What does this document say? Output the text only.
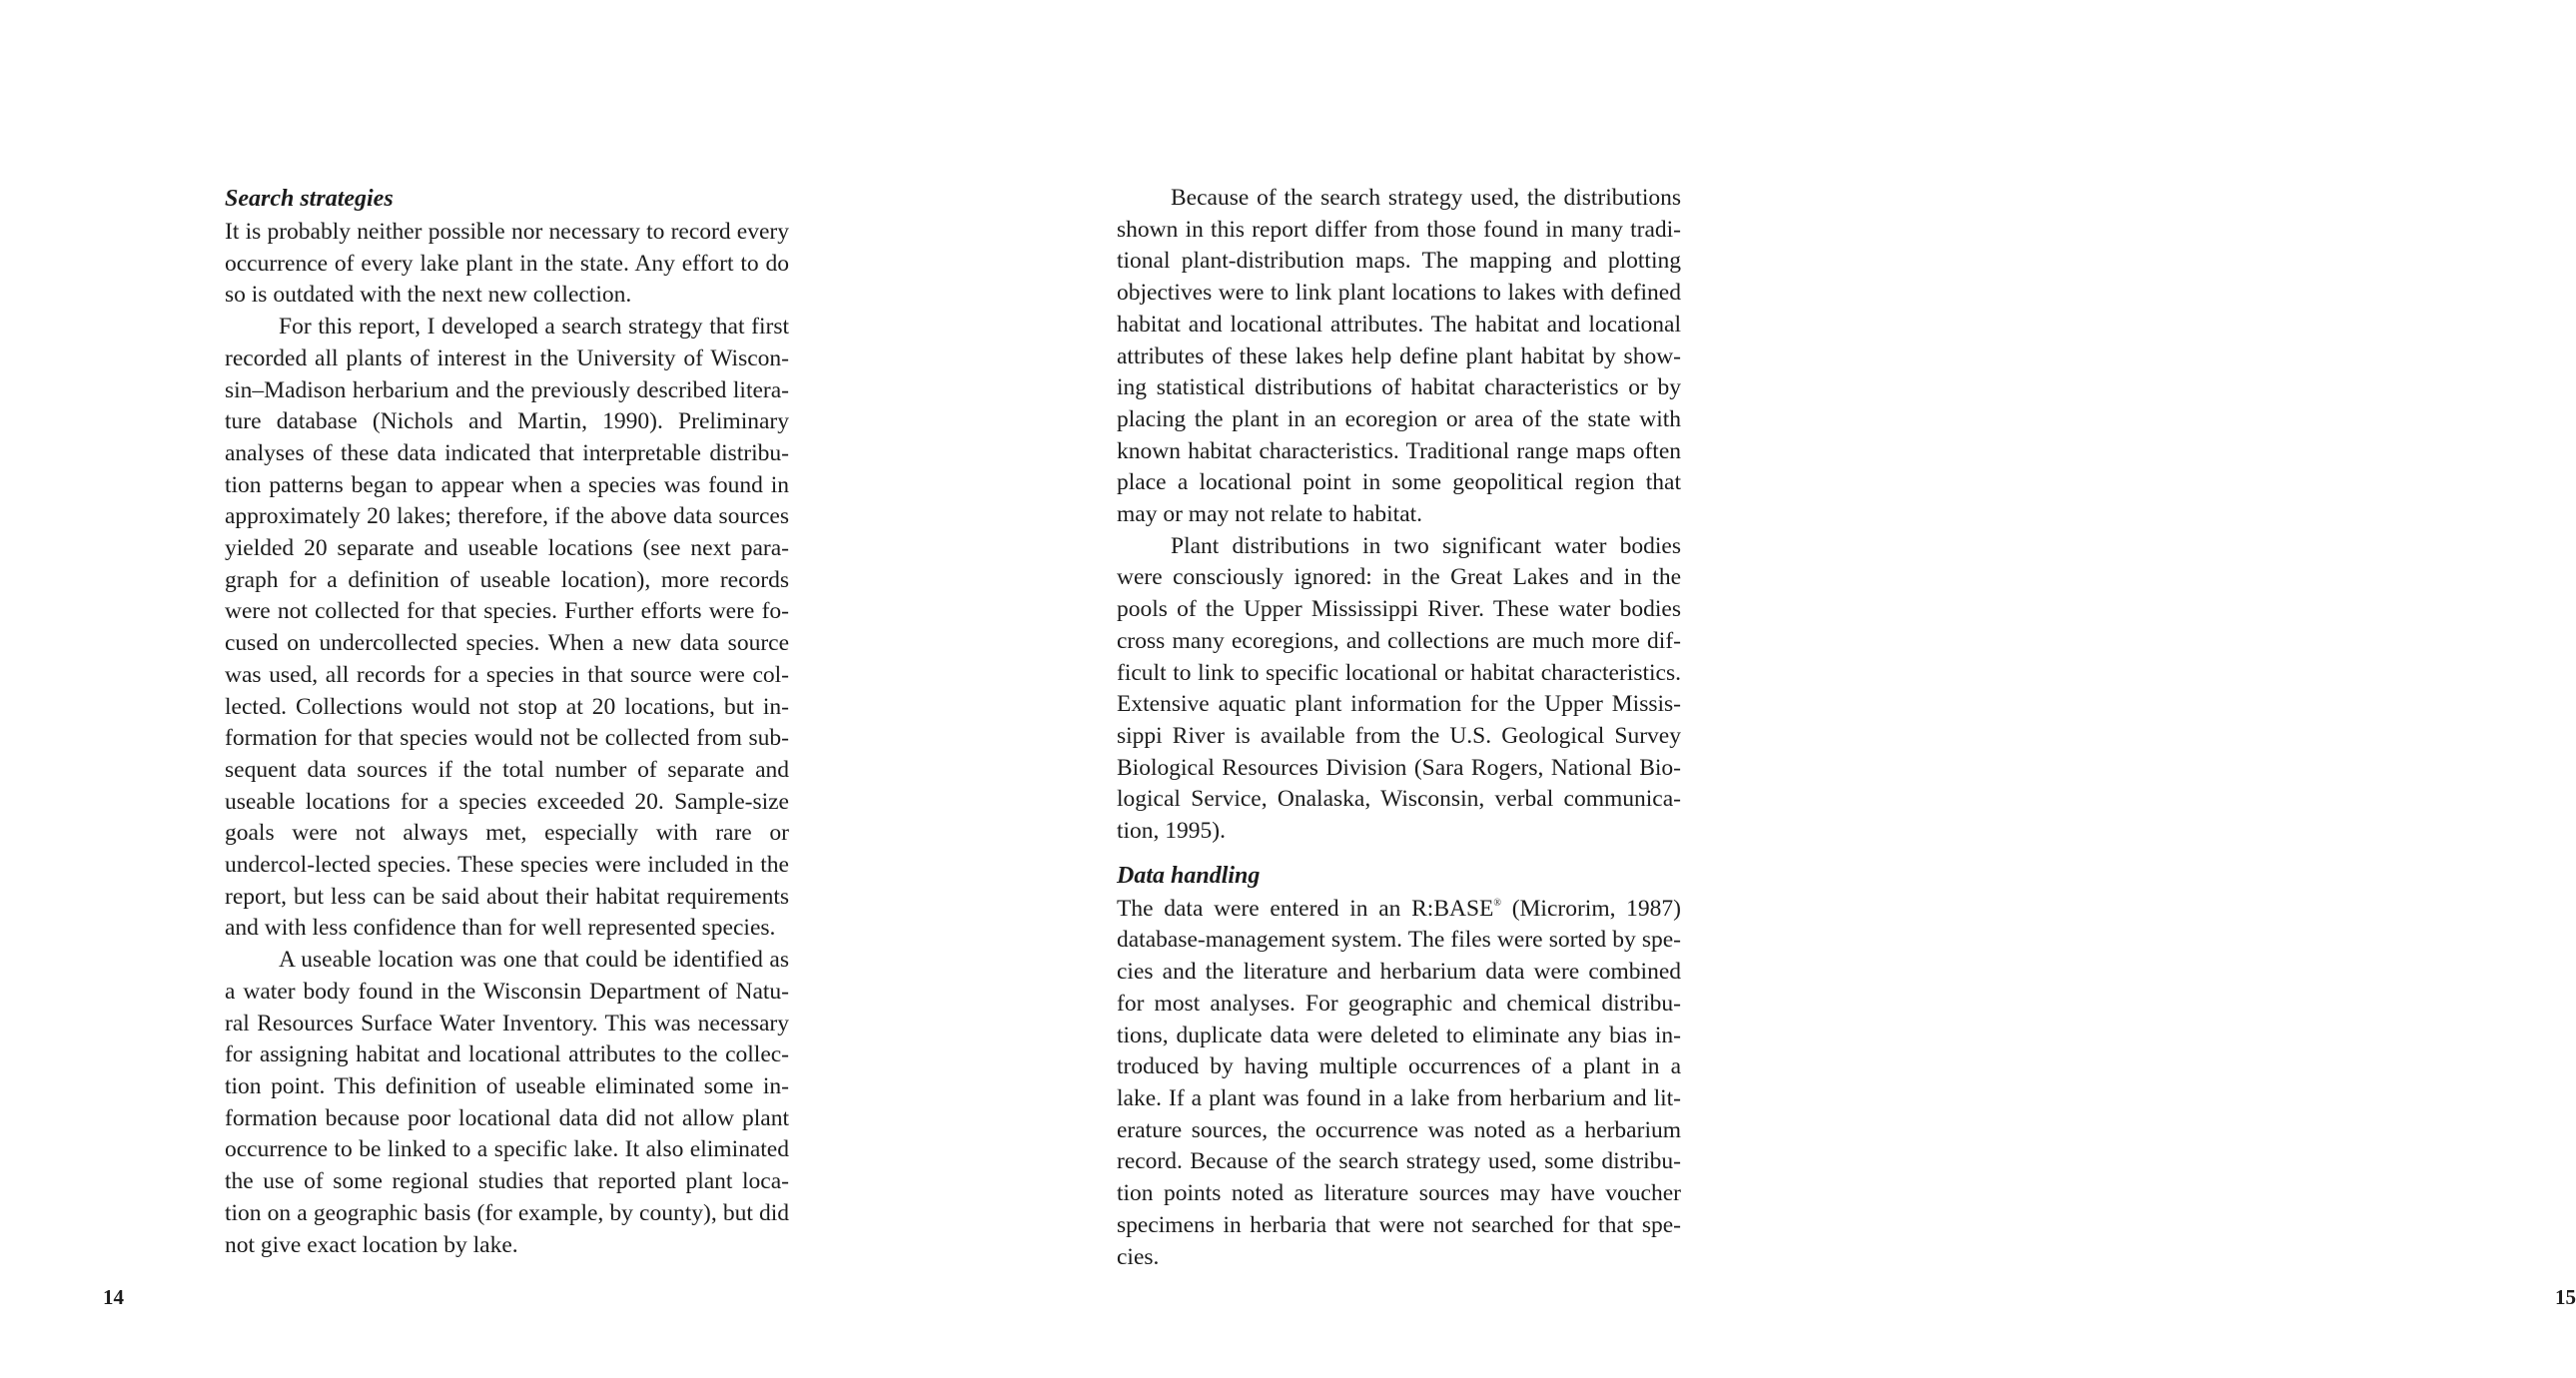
Search strategies

It is probably neither possible nor necessary to record every occurrence of every lake plant in the state. Any effort to do so is outdated with the next new collection.

For this report, I developed a search strategy that first recorded all plants of interest in the University of Wiscon-sin–Madison herbarium and the previously described litera-ture database (Nichols and Martin, 1990). Preliminary analyses of these data indicated that interpretable distribu-tion patterns began to appear when a species was found in approximately 20 lakes; therefore, if the above data sources yielded 20 separate and useable locations (see next para-graph for a definition of useable location), more records were not collected for that species. Further efforts were fo-cused on undercollected species. When a new data source was used, all records for a species in that source were col-lected. Collections would not stop at 20 locations, but in-formation for that species would not be collected from sub-sequent data sources if the total number of separate and useable locations for a species exceeded 20. Sample-size goals were not always met, especially with rare or undercol-lected species. These species were included in the report, but less can be said about their habitat requirements and with less confidence than for well represented species.

A useable location was one that could be identified as a water body found in the Wisconsin Department of Natu-ral Resources Surface Water Inventory. This was necessary for assigning habitat and locational attributes to the collec-tion point. This definition of useable eliminated some in-formation because poor locational data did not allow plant occurrence to be linked to a specific lake. It also eliminated the use of some regional studies that reported plant loca-tion on a geographic basis (for example, by county), but did not give exact location by lake.

14

Because of the search strategy used, the distributions shown in this report differ from those found in many tradi-tional plant-distribution maps. The mapping and plotting objectives were to link plant locations to lakes with defined habitat and locational attributes. The habitat and locational attributes of these lakes help define plant habitat by show-ing statistical distributions of habitat characteristics or by placing the plant in an ecoregion or area of the state with known habitat characteristics. Traditional range maps often place a locational point in some geopolitical region that may or may not relate to habitat.

Plant distributions in two significant water bodies were consciously ignored: in the Great Lakes and in the pools of the Upper Mississippi River. These water bodies cross many ecoregions, and collections are much more dif-ficult to link to specific locational or habitat characteristics. Extensive aquatic plant information for the Upper Missis-sippi River is available from the U.S. Geological Survey Biological Resources Division (Sara Rogers, National Bio-logical Service, Onalaska, Wisconsin, verbal communica-tion, 1995).

Data handling

The data were entered in an R:BASE® (Microrim, 1987) database-management system. The files were sorted by spe-cies and the literature and herbarium data were combined for most analyses. For geographic and chemical distribu-tions, duplicate data were deleted to eliminate any bias in-troduced by having multiple occurrences of a plant in a lake. If a plant was found in a lake from herbarium and lit-erature sources, the occurrence was noted as a herbarium record. Because of the search strategy used, some distribu-tion points noted as literature sources may have voucher specimens in herbaria that were not searched for that spe-cies.

15
